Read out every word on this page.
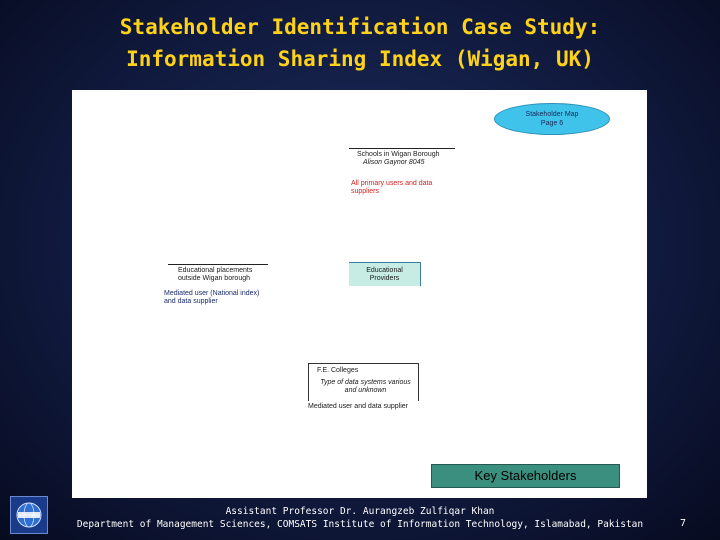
Stakeholder Identification Case Study:
Information Sharing Index (Wigan, UK)
Stakeholder Map
Page 6
Schools in Wigan Borough
Alison Gaynor 8045
All primary users and data
suppliers
Educational placements
outside Wigan borough
Mediated user (National index)
and data supplier
Educational
Providers
F.E. Colleges
Type of data systems various
and unknown
Mediated user and data supplier
Key Stakeholders
Assistant Professor Dr. Aurangzeb Zulfiqar Khan
Department of Management Sciences, COMSATS Institute of Information Technology, Islamabad, Pakistan	7
